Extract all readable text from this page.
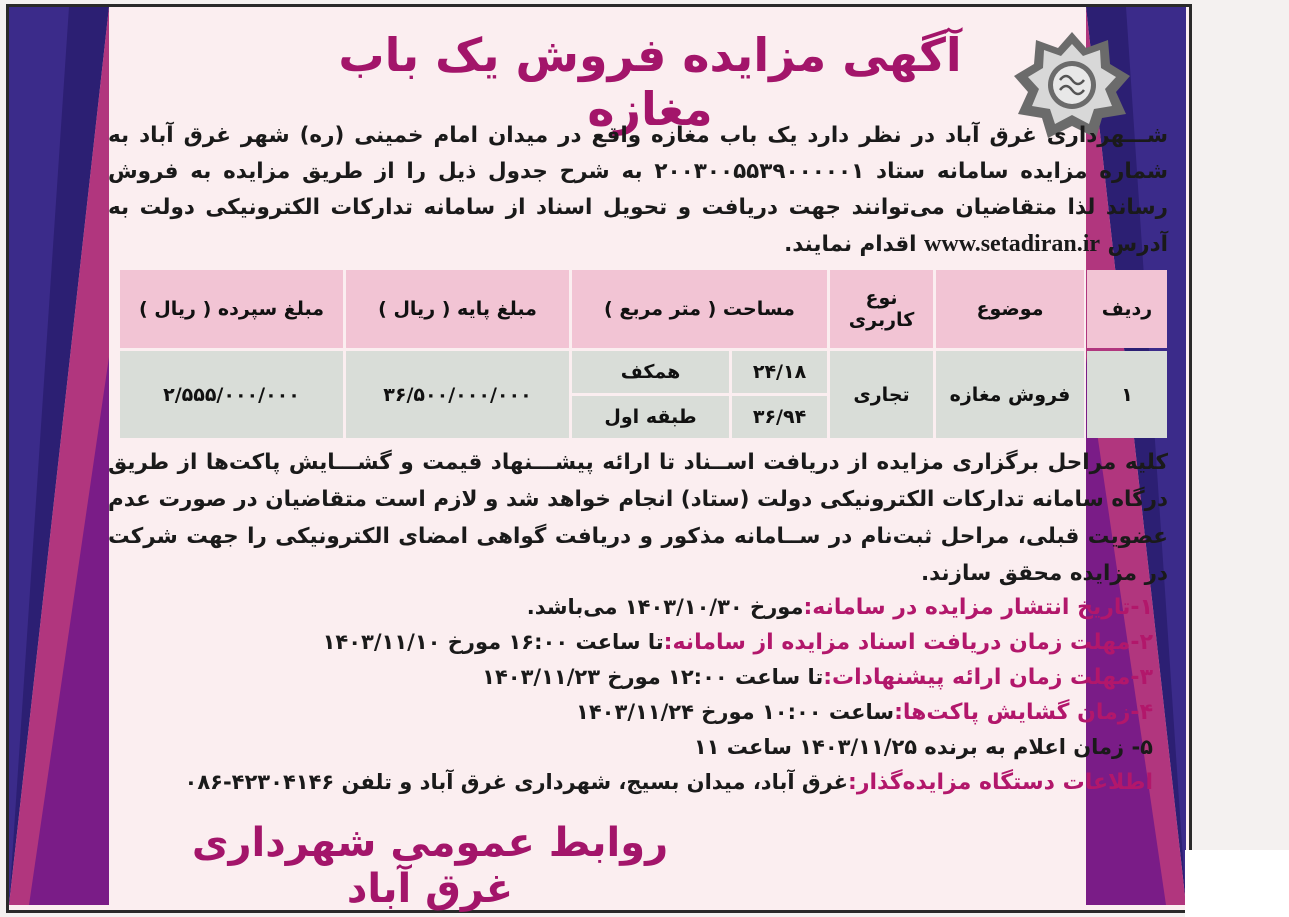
آگهی مزایده فروش یک باب مغازه
شـــهرداری غرق آباد در نظر دارد یک باب مغازه واقع در میدان امام خمینی (ره) شهر غرق آباد به شماره مزایده سامانه ستاد ۲۰۰۳۰۰۵۵۳۹۰۰۰۰۰۱ به شرح جدول ذیل را از طریق مزایده به فروش رساند لذا متقاضیان می‌توانند جهت دریافت و تحویل اسناد از سامانه تدارکات الکترونیکی دولت به آدرس www.setadiran.ir اقدام نمایند.
ردیف	موضوع	نوع کاربری	مساحت ( متر مربع )		مبلغ پایه ( ریال )	مبلغ سپرده ( ریال )
۱	فروش مغازه	تجاری	۲۴/۱۸	همکف	۳۶/۵۰۰/۰۰۰/۰۰۰	۲/۵۵۵/۰۰۰/۰۰۰
			۳۶/۹۴	طبقه اول		
کلیه مراحل برگزاری مزایده از دریافت اســناد تا ارائه پیشـــنهاد قیمت و گشـــایش پاکت‌ها از طریق درگاه سامانه تدارکات الکترونیکی دولت (ستاد) انجام خواهد شد و لازم است متقاضیان در صورت عدم عضویت قبلی، مراحل ثبت‌نام در ســامانه مذکور و دریافت گواهی امضای الکترونیکی را جهت شرکت در مزایده محقق سازند.
۱-تاریخ انتشار مزایده در سامانه:مورخ ۱۴۰۳/۱۰/۳۰ می‌باشد.
۲-مهلت زمان دریافت اسناد مزایده از سامانه:تا ساعت ۱۶:۰۰ مورخ ۱۴۰۳/۱۱/۱۰
۳-مهلت زمان ارائه پیشنهادات:تا ساعت ۱۲:۰۰ مورخ ۱۴۰۳/۱۱/۲۳
۴-زمان گشایش پاکت‌ها:ساعت ۱۰:۰۰ مورخ ۱۴۰۳/۱۱/۲۴
۵- زمان اعلام به برنده ۱۴۰۳/۱۱/۲۵ ساعت ۱۱
اطلاعات دستگاه مزایده‌گذار:غرق آباد، میدان بسیج، شهرداری غرق آباد و تلفن ۴۲۳۰۴۱۴۶-۰۸۶
روابط عمومی شهرداری غرق آباد
